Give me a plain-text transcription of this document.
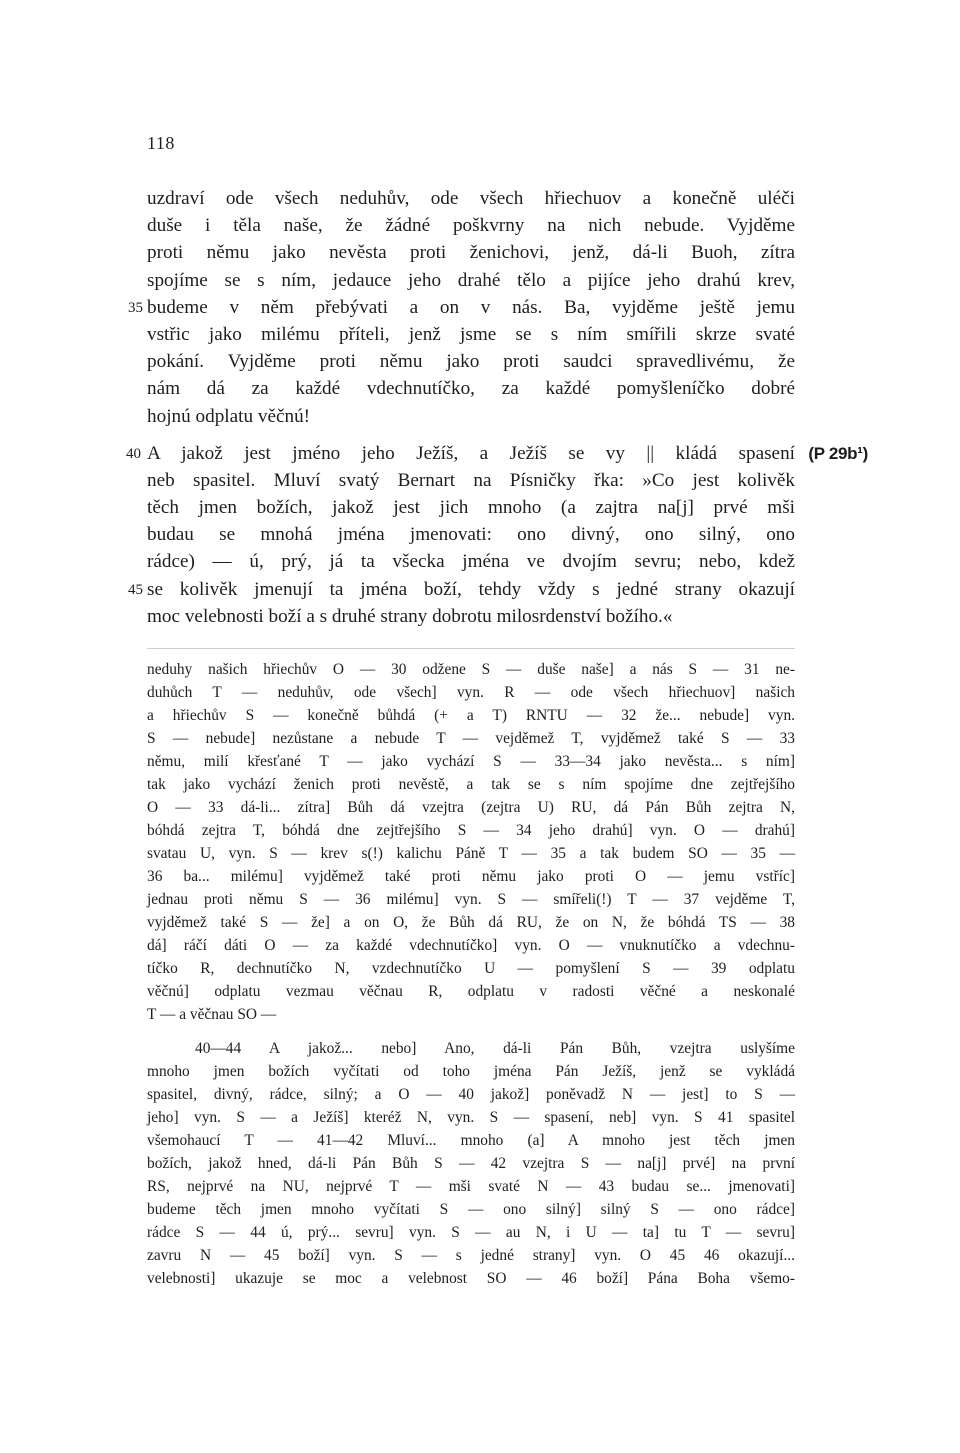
118
uzdraví ode všech neduhův, ode všech hřiechuov a konečně uléči
duše i těla naše, že žádné poškvrny na nich nebude. Vyjděme
proti němu jako nevěsta proti ženichovi, jenž, dá-li Buoh, zítra
spojíme se s ním, jedauce jeho drahé tělo a pijíce jeho drahú krev,
budeme v něm přebývati a on v nás. Ba, vyjděme ještě jemu
35
vstřic jako milému příteli, jenž jsme se s ním smířili skrze svaté
pokání. Vyjděme proti němu jako proti saudci spravedlivému, že
nám dá za každé vdechnutíčko, za každé pomyšleníčko dobré
hojnú odplatu věčnú!
A jakož jest jméno jeho Ježíš, a Ježíš se vy || kládá spasení
40	(P 29b¹)
neb spasitel. Mluví svatý Bernart na Písničky řka: »Co jest kolivěk
těch jmen božích, jakož jest jich mnoho (a zajtra na[j] prvé mši
budau se mnohá jména jmenovati: ono divný, ono silný, ono
rádce) — ú, prý, já ta všecka jména ve dvojím sevru; nebo, kdež
se kolivěk jmenují ta jména boží, tehdy vždy s jedné strany okazují
45
moc velebnosti boží a s druhé strany dobrotu milosrdenství božího.«
neduhy našich hřiechův O — 30 odžene S — duše naše] a nás S — 31 ne-
duhůch T — neduhův, ode všech] vyn. R — ode všech hřiechuov] našich
a hřiechův S — konečně bůhdá (+ a T) RNTU — 32 že... nebude] vyn.
S — nebude] nezůstane a nebude T — vejděmež T, vyjděmež také S — 33
němu, milí křesťané T — jako vychází S — 33—34 jako nevěsta... s ním]
tak jako vychází ženich proti nevěstě, a tak se s ním spojíme dne zejtřejšího
O — 33 dá-li... zítra] Bůh dá vzejtra (zejtra U) RU, dá Pán Bůh zejtra N,
bóhdá zejtra T, bóhdá dne zejtřejšího S — 34 jeho drahú] vyn. O — drahú]
svatau U, vyn. S — krev s(!) kalichu Páně T — 35 a tak budem SO — 35 —
36 ba... milému] vyjděmež také proti němu jako proti O — jemu vstříc]
jednau proti němu S — 36 milému] vyn. S — smířeli(!) T — 37 vejděme T,
vyjděmež také S — že] a on O, že Bůh dá RU, že on N, že bóhdá TS — 38
dá] ráčí dáti O — za každé vdechnutíčko] vyn. O — vnuknutíčko a vdechnu-
tíčko R, dechnutíčko N, vzdechnutíčko U — pomyšlení S — 39 odplatu
věčnú] odplatu vezmau věčnau R, odplatu v radosti věčné a neskonalé
T — a věčnau SO —
40—44 A jakož... nebo] Ano, dá-li Pán Bůh, vzejtra uslyšíme
mnoho jmen božích vyčítati od toho jména Pán Ježíš, jenž se vykládá
spasitel, divný, rádce, silný; a O — 40 jakož] poněvadž N — jest] to S —
jeho] vyn. S — a Ježíš] kteréž N, vyn. S — spasení, neb] vyn. S 41 spasitel
všemohaucí T — 41—42 Mluví... mnoho (a] A mnoho jest těch jmen
božích, jakož hned, dá-li Pán Bůh S — 42 vzejtra S — na[j] prvé] na první
RS, nejprvé na NU, nejprvé T — mši svaté N — 43 budau se... jmenovati]
budeme těch jmen mnoho vyčítati S — ono silný] silný S — ono rádce]
rádce S — 44 ú, prý... sevru] vyn. S — au N, i U — ta] tu T — sevru]
zavru N — 45 boží] vyn. S — s jedné strany] vyn. O 45 46 okazují...
velebnosti] ukazuje se moc a velebnost SO — 46 boží] Pána Boha všemo-
